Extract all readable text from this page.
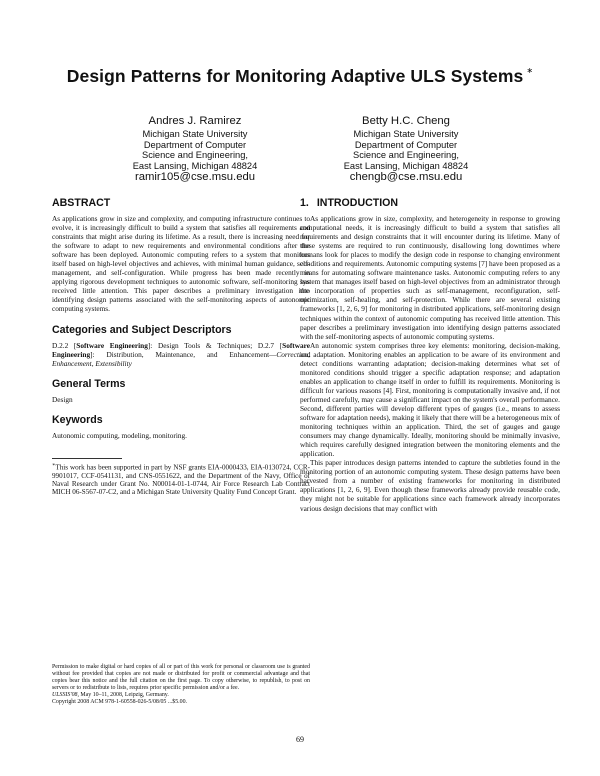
Design Patterns for Monitoring Adaptive ULS Systems ∗
Andres J. Ramirez
Michigan State University
Department of Computer
Science and Engineering,
East Lansing, Michigan 48824
ramir105@cse.msu.edu
Betty H.C. Cheng
Michigan State University
Department of Computer
Science and Engineering,
East Lansing, Michigan 48824
chengb@cse.msu.edu
ABSTRACT

As applications grow in size and complexity, and computing infrastructure continues to evolve, it is increasingly difficult to build a system that satisfies all requirements and constraints that might arise during its lifetime. As a result, there is increasing need for the software to adapt to new requirements and environmental conditions after the software has been deployed. Autonomic computing refers to a system that monitors itself based on high-level objectives and achieves, with minimal human guidance, self-management, and self-configuration. While progress has been made recently in applying rigorous development techniques to autonomic software, self-monitoring has received little attention. This paper describes a preliminary investigation into identifying design patterns associated with the self-monitoring aspects of autonomic computing systems.

Categories and Subject Descriptors

D.2.2 [Software Engineering]: Design Tools & Techniques; D.2.7 [Software Engineering]: Distribution, Maintenance, and Enhancement—Correction, Enhancement, Extensibility

General Terms

Design

Keywords

Autonomic computing, modeling, monitoring.

∗This work has been supported in part by NSF grants EIA-0000433, EIA-0130724, CCR-9901017, CCF-0541131, and CNS-0551622, and the Department of the Navy, Office of Naval Research under Grant No. N00014-01-1-0744, Air Force Research Lab Contract MICH 06-S567-07-C2, and a Michigan State University Quality Fund Concept Grant.

Permission to make digital or hard copies of all or part of this work for personal or classroom use is granted without fee provided that copies are not made or distributed for profit or commercial advantage and that copies bear this notice and the full citation on the first page. To copy otherwise, to republish, to post on servers or to redistribute to lists, requires prior specific permission and/or a fee.
ULSSIS'08, May 10–11, 2008, Leipzig, Germany.
Copyright 2008 ACM 978-1-60558-026-5/08/05 ...$5.00.
1. INTRODUCTION

As applications grow in size, complexity, and heterogeneity in response to growing computational needs, it is increasingly difficult to build a system that satisfies all requirements and design constraints that it will encounter during its lifetime. Many of these systems are required to run continuously, disallowing long downtimes where humans look for places to modify the design code in response to changing environment conditions and requirements. Autonomic computing systems [7] have been proposed as a means for automating software maintenance tasks. Autonomic computing refers to any system that manages itself based on high-level objectives from an administrator through the incorporation of properties such as self-management, reconfiguration, self-optimization, self-healing, and self-protection. While there are several existing frameworks [1, 2, 6, 9] for monitoring in distributed applications, self-monitoring design techniques within the context of autonomic computing has received little attention. This paper describes a preliminary investigation into identifying design patterns associated with the self-monitoring aspects of autonomic computing systems.

An autonomic system comprises three key elements: monitoring, decision-making, and adaptation. Monitoring enables an application to be aware of its environment and detect conditions warranting adaptation; decision-making determines what set of monitored conditions should trigger a specific adaptation response; and adaptation enables an application to change itself in order to fulfill its requirements. Monitoring is difficult for various reasons [4]. First, monitoring is computationally invasive and, if not performed carefully, may cause a significant impact on the system's overall performance. Second, different parties will develop different types of gauges (i.e., means to assess software for adaptation needs), making it likely that there will be a heterogeneous mix of monitoring techniques within an application. Third, the set of gauges and gauge consumers may change dynamically. Ideally, monitoring should be minimally invasive, which requires carefully designed integration between the monitoring elements and the application.

This paper introduces design patterns intended to capture the subtleties found in the monitoring portion of an autonomic computing system. These design patterns have been harvested from a number of existing frameworks for monitoring in distributed applications [1, 2, 6, 9]. Even though these frameworks already provide reusable code, they might not be suitable for applications since each framework already incorporates various design decisions that may conflict with

69
